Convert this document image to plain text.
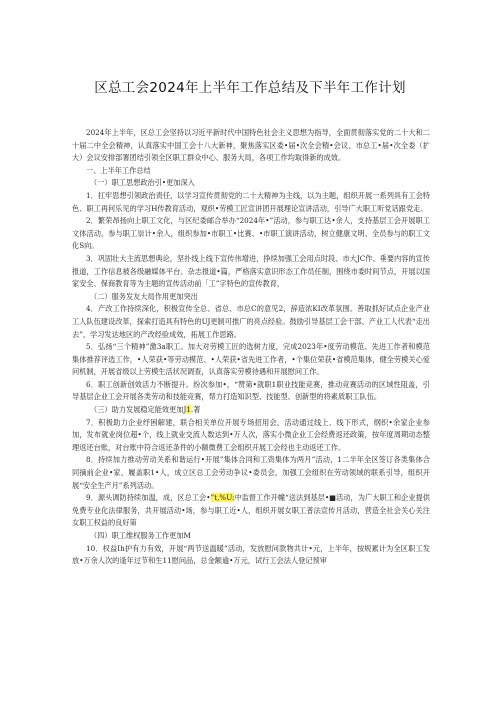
区总工会2024年上半年工作总结及下半年工作计划

2024年上半年，区总工会坚持以习近平新时代中国特色社会主义思想为指导，全面贯彻落实党的二十大和二十届二中全会精神，认真落实中国工会十八大新神，聚焦落实区委•届•次全会精•会议、市总工•届•次全委（扩大）会议安排部署团结引领全区职工群众中心、服务大局，各项工作均取得新的成效。

一、上半年工作总结

（一）职工思想政治引•更加深入

1．扛牢思想引领政治责任，以学习宣传贯彻党的二十大精神为主线，以为主题，组织开展一系列具有工会特色、职工再何乐见的学习H传教育活动，观织•劳模工匠宣讲团开展理论宣讲活动，引导广大职工听党话跟党走。

2．繁荣昂扬向上职工文化，与区纪委邮合举办“2024年•”活动，参与职工达•余人，支持基层工会开展职工文体活动，参与职工崇计•余人，组织参加•市职工•比赛、•市职工演讲活动，树立健康文明、全员参与的职工文化S向。

3．巩固壮大主流思想典论，坚扑线上线下宣传伟增进，挣续加强工会用点时段、市大JC作、垂要内容的宣传报道，工作信息被各级融媒体平台、杂志报道•篇，严格落实意识形态工作员任制，围绕市委时间节点，开展以国家安全、保商教育等为主题的宣传活动前「工”字特色的宣传教育，

（二）服务发友大局作用更加突出

4．产改工作持续深化，积极宣传全总、省总、市总C的意见2，辞造浓KI改革氛围。善取抓好试点企业产业工人队伍建设改革，探索打造具有特色的UJ更制可推广的亮点经验。鼓励引导基层工会干部、产业工人代表“走出去”，学习发达地区的产改经验成效，拓展工作思路。

5．弘扬“三个精神”激3a职工。加大对劳模工匠的选树力度，完成2023年•度劳动模范、先进工作者和模范集体推荐评选工作，•人荣获•等劳动模范、•人荣获•省先进工作者，•个集位荣获•省模范集体，健全劳模关心爱问机制，开展省级以上劳模生活状况调查，认真落实劳模待遇和开展慰问工作。

6．职工创新创效活力不断提升。纷次参加•，“赞第•就职1职业技能竞赛，推动竞赛活动的区域性阻盖，引导基层企业工会开展各类劳动和技能竞赛，帮力打造知识型、技能型、创新型的将素质职工队伍。

（三）助力发展稳定能效更加J1.著

7．积极助力企业纾困解建，联合相关单位开展专场招用会，活动通过线上、线下形式，纲织•余家企业参加，发布就业岗位超•个，线上就业交流人数达到•万人次，落实小微企业工会经费返还政策，按年度周期动态整理返还台账，对台账中符合返还条件的小额微费工会组织开展工会经也主动返还工作。

8．持续加力推动劳动关系和谐运行•开展”集体合同和工资集体为两月”活动，1二半年全区签订各类集体合同摘前企业•家，履盖职1•人，成立区总工会劳动争议•委员会，加强工会组织在劳动领域的联系引导，组织开展“安全生产月”系列活动。

9．源头调防持续加温，成，区总工会•”t,%U:中监督工作开幢“送法到基层•■活动，为广大职工和企业提供免费专业化法律服务，共开展活动•场，参与职工近•人，组织开展女职工普法宣传月活动，营造全社会关心关注女职工权益的良好第

（四）职工维权服务工作更加M

10．权益Ih护有力有效，开展“两节送温暖”活动，发放慰问款物共计•元，上半年，按规累计为全区职工发放•万余人次的逢年过节和生11慰问品，总金额逾•万元，试行工会法人登记预审
